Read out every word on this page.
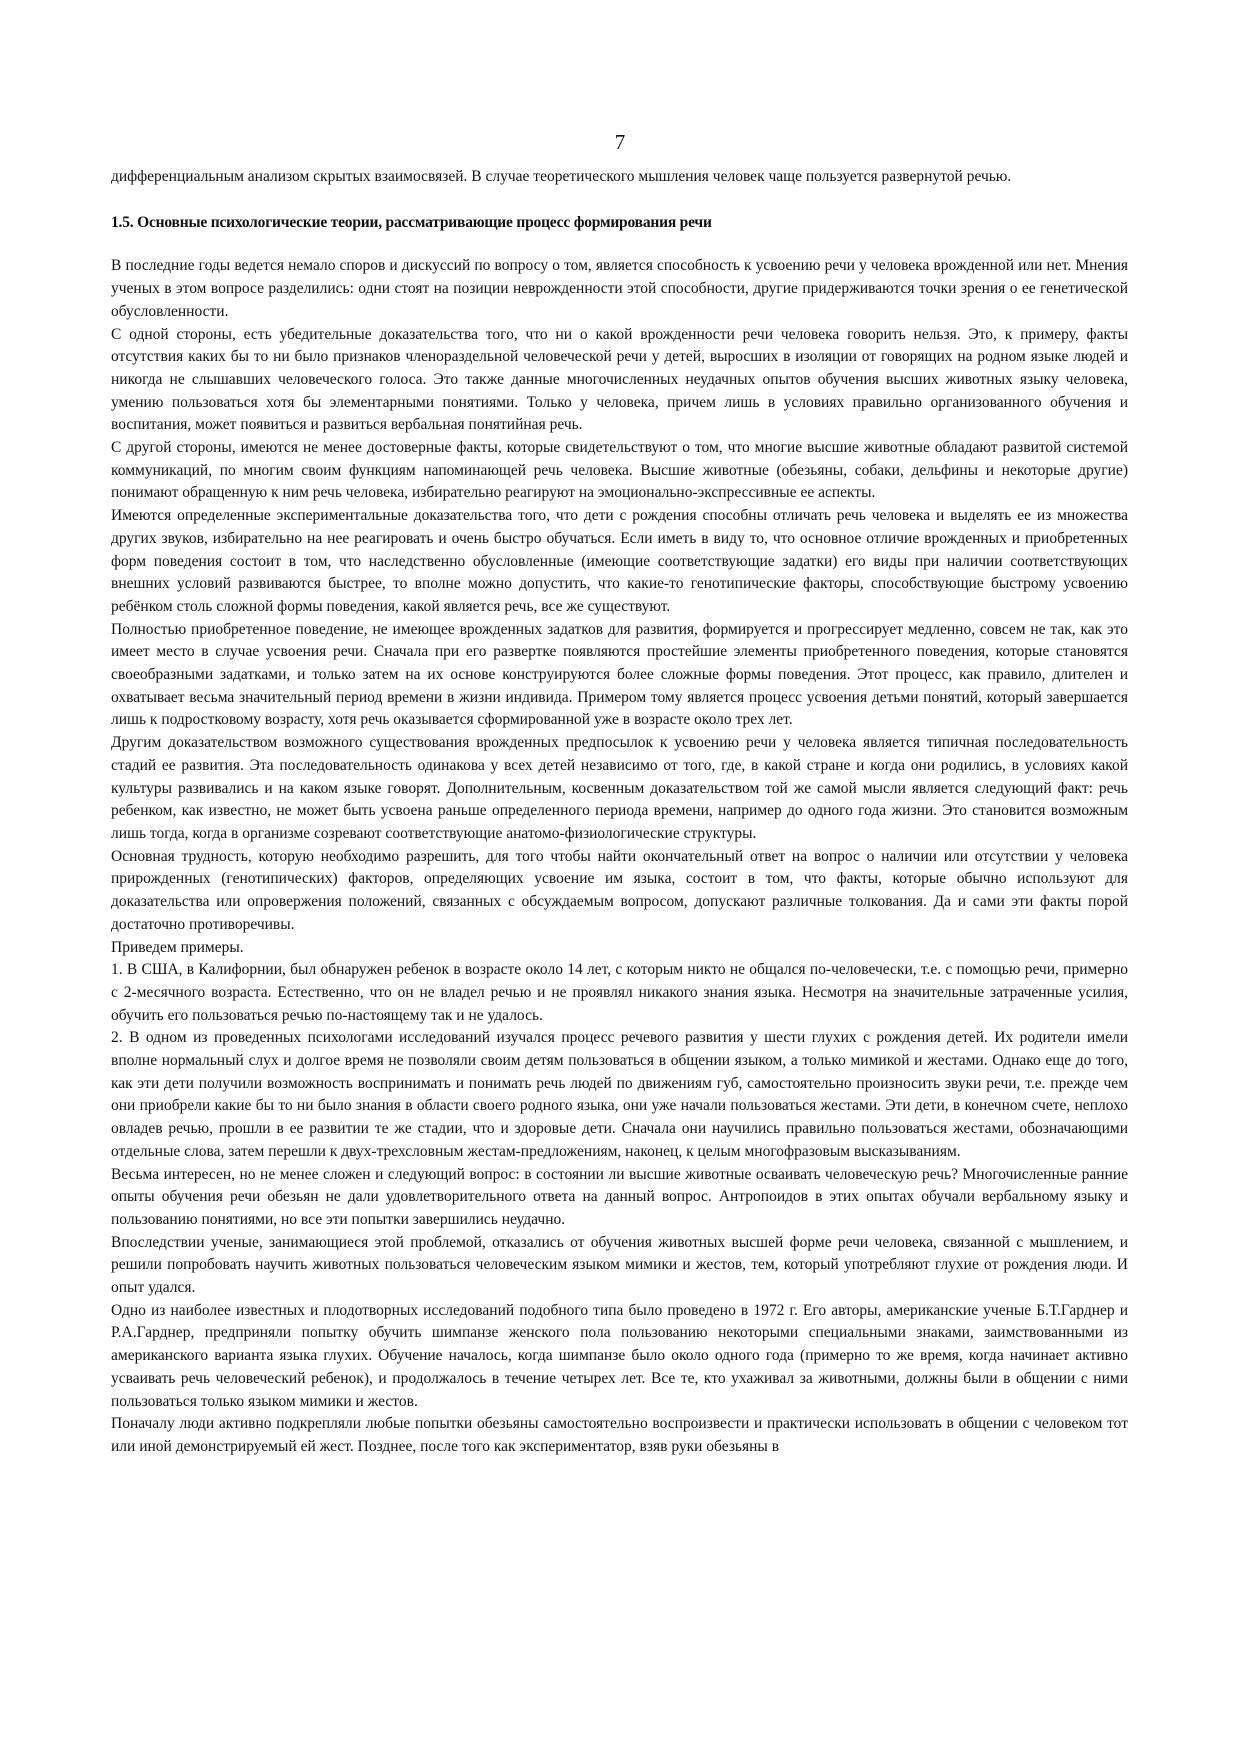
7

дифференциальным анализом скрытых взаимосвязей. В случае теоретического мышления человек чаще пользуется развернутой речью.

1.5. Основные психологические теории, рассматривающие процесс формирования речи

В последние годы ведется немало споров и дискуссий по вопросу о том, является способность к усвоению речи у человека врожденной или нет. Мнения ученых в этом вопросе разделились: одни стоят на позиции неврожденности этой способности, другие придерживаются точки зрения о ее генетической обусловленности.

С одной стороны, есть убедительные доказательства того, что ни о какой врожденности речи человека говорить нельзя. Это, к примеру, факты отсутствия каких бы то ни было признаков членораздельной человеческой речи у детей, выросших в изоляции от говорящих на родном языке людей и никогда не слышавших человеческого голоса. Это также данные многочисленных неудачных опытов обучения высших животных языку человека, умению пользоваться хотя бы элементарными понятиями. Только у человека, причем лишь в условиях правильно организованного обучения и воспитания, может появиться и развиться вербальная понятийная речь.

С другой стороны, имеются не менее достоверные факты, которые свидетельствуют о том, что многие высшие животные обладают развитой системой коммуникаций, по многим своим функциям напоминающей речь человека. Высшие животные (обезьяны, собаки, дельфины и некоторые другие) понимают обращенную к ним речь человека, избирательно реагируют на эмоционально-экспрессивные ее аспекты.

Имеются определенные экспериментальные доказательства того, что дети с рождения способны отличать речь человека и выделять ее из множества других звуков, избирательно на нее реагировать и очень быстро обучаться. Если иметь в виду то, что основное отличие врожденных и приобретенных форм поведения состоит в том, что наследственно обусловленные (имеющие соответствующие задатки) его виды при наличии соответствующих внешних условий развиваются быстрее, то вполне можно допустить, что какие-то генотипические факторы, способствующие быстрому усвоению ребёнком столь сложной формы поведения, какой является речь, все же существуют.

Полностью приобретенное поведение, не имеющее врожденных задатков для развития, формируется и прогрессирует медленно, совсем не так, как это имеет место в случае усвоения речи. Сначала при его развертке появляются простейшие элементы приобретенного поведения, которые становятся своеобразными задатками, и только затем на их основе конструируются более сложные формы поведения. Этот процесс, как правило, длителен и охватывает весьма значительный период времени в жизни индивида. Примером тому является процесс усвоения детьми понятий, который завершается лишь к подростковому возрасту, хотя речь оказывается сформированной уже в возрасте около трех лет.

Другим доказательством возможного существования врожденных предпосылок к усвоению речи у человека является типичная последовательность стадий ее развития. Эта последовательность одинакова у всех детей независимо от того, где, в какой стране и когда они родились, в условиях какой культуры развивались и на каком языке говорят. Дополнительным, косвенным доказательством той же самой мысли является следующий факт: речь ребенком, как известно, не может быть усвоена раньше определенного периода времени, например до одного года жизни. Это становится возможным лишь тогда, когда в организме созревают соответствующие анатомо-физиологические структуры.

Основная трудность, которую необходимо разрешить, для того чтобы найти окончательный ответ на вопрос о наличии или отсутствии у человека прирожденных (генотипических) факторов, определяющих усвоение им языка, состоит в том, что факты, которые обычно используют для доказательства или опровержения положений, связанных с обсуждаемым вопросом, допускают различные толкования. Да и сами эти факты порой достаточно противоречивы.

Приведем примеры.

1. В США, в Калифорнии, был обнаружен ребенок в возрасте около 14 лет, с которым никто не общался по-человечески, т.е. с помощью речи, примерно с 2-месячного возраста. Естественно, что он не владел речью и не проявлял никакого знания языка. Несмотря на значительные затраченные усилия, обучить его пользоваться речью по-настоящему так и не удалось.

2. В одном из проведенных психологами исследований изучался процесс речевого развития у шести глухих с рождения детей. Их родители имели вполне нормальный слух и долгое время не позволяли своим детям пользоваться в общении языком, а только мимикой и жестами. Однако еще до того, как эти дети получили возможность воспринимать и понимать речь людей по движениям губ, самостоятельно произносить звуки речи, т.е. прежде чем они приобрели какие бы то ни было знания в области своего родного языка, они уже начали пользоваться жестами. Эти дети, в конечном счете, неплохо овладев речью, прошли в ее развитии те же стадии, что и здоровые дети. Сначала они научились правильно пользоваться жестами, обозначающими отдельные слова, затем перешли к двух-трехсловным жестам-предложениям, наконец, к целым многофразовым высказываниям.

Весьма интересен, но не менее сложен и следующий вопрос: в состоянии ли высшие животные осваивать человеческую речь? Многочисленные ранние опыты обучения речи обезьян не дали удовлетворительного ответа на данный вопрос. Антропоидов в этих опытах обучали вербальному языку и пользованию понятиями, но все эти попытки завершились неудачно.

Впоследствии ученые, занимающиеся этой проблемой, отказались от обучения животных высшей форме речи человека, связанной с мышлением, и решили попробовать научить животных пользоваться человеческим языком мимики и жестов, тем, который употребляют глухие от рождения люди. И опыт удался.

Одно из наиболее известных и плодотворных исследований подобного типа было проведено в 1972 г. Его авторы, американские ученые Б.Т.Гарднер и Р.А.Гарднер, предприняли попытку обучить шимпанзе женского пола пользованию некоторыми специальными знаками, заимствованными из американского варианта языка глухих. Обучение началось, когда шимпанзе было около одного года (примерно то же время, когда начинает активно усваивать речь человеческий ребенок), и продолжалось в течение четырех лет. Все те, кто ухаживал за животными, должны были в общении с ними пользоваться только языком мимики и жестов.

Поначалу люди активно подкрепляли любые попытки обезьяны самостоятельно воспроизвести и практически использовать в общении с человеком тот или иной демонстрируемый ей жест. Позднее, после того как экспериментатор, взяв руки обезьяны в
